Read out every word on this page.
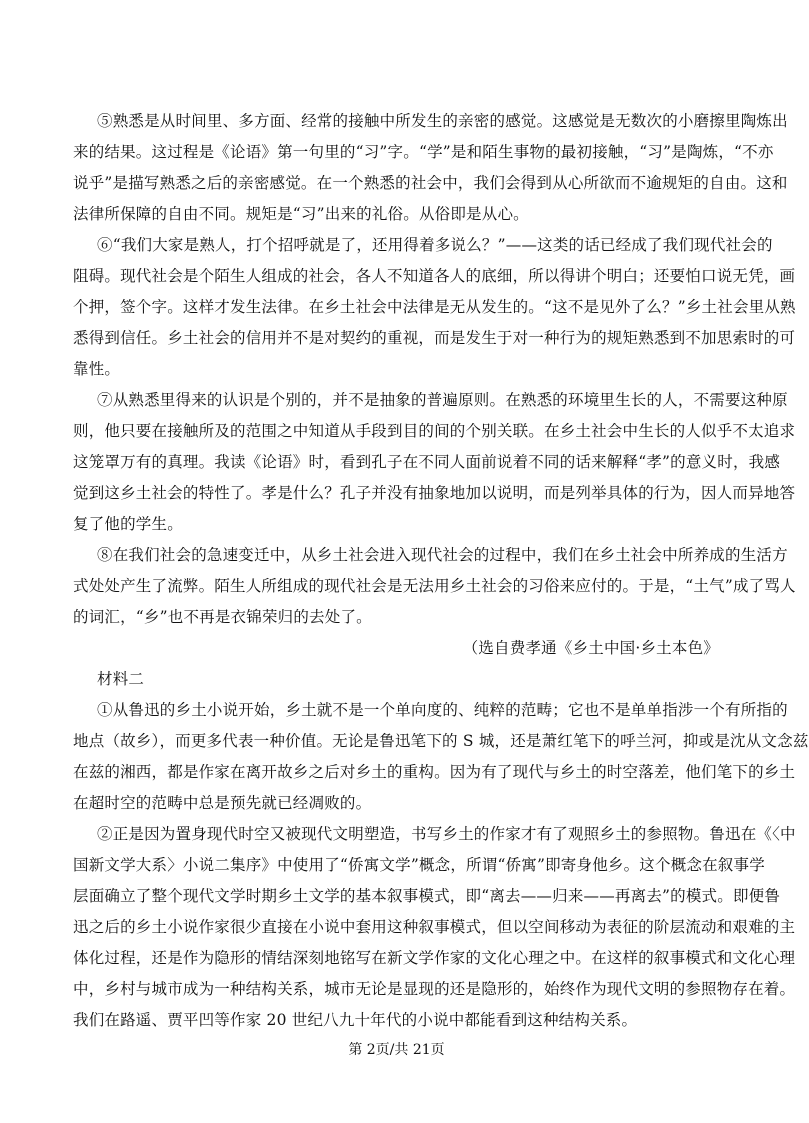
⑤熟悉是从时间里、多方面、经常的接触中所发生的亲密的感觉。这感觉是无数次的小磨擦里陶炼出
来的结果。这过程是《论语》第一句里的“习”字。“学”是和陌生事物的最初接触，“习”是陶炼，“不亦
说乎”是描写熟悉之后的亲密感觉。在一个熟悉的社会中，我们会得到从心所欲而不逾规矩的自由。这和
法律所保障的自由不同。规矩是“习”出来的礼俗。从俗即是从心。
⑥“我们大家是熟人，打个招呼就是了，还用得着多说么？”——这类的话已经成了我们现代社会的
阻碍。现代社会是个陌生人组成的社会，各人不知道各人的底细，所以得讲个明白；还要怕口说无凭，画
个押，签个字。这样才发生法律。在乡土社会中法律是无从发生的。“这不是见外了么？”乡土社会里从熟
悉得到信任。乡土社会的信用并不是对契约的重视，而是发生于对一种行为的规矩熟悉到不加思索时的可
靠性。
⑦从熟悉里得来的认识是个别的，并不是抽象的普遍原则。在熟悉的环境里生长的人，不需要这种原
则，他只要在接触所及的范围之中知道从手段到目的间的个别关联。在乡土社会中生长的人似乎不太追求
这笼罩万有的真理。我读《论语》时，看到孔子在不同人面前说着不同的话来解释“孝”的意义时，我感
觉到这乡土社会的特性了。孝是什么？孔子并没有抽象地加以说明，而是列举具体的行为，因人而异地答
复了他的学生。
⑧在我们社会的急速变迁中，从乡土社会进入现代社会的过程中，我们在乡土社会中所养成的生活方
式处处产生了流弊。陌生人所组成的现代社会是无法用乡土社会的习俗来应付的。于是，“土气”成了骂人
的词汇，“乡”也不再是衣锦荣归的去处了。
（选自费孝通《乡土中国·乡土本色》
材料二
①从鲁迅的乡土小说开始，乡土就不是一个单向度的、纯粹的范畴；它也不是单单指涉一个有所指的
地点（故乡），而更多代表一种价值。无论是鲁迅笔下的 S 城，还是萧红笔下的呼兰河，抑或是沈从文念兹
在兹的湘西，都是作家在离开故乡之后对乡土的重构。因为有了现代与乡土的时空落差，他们笔下的乡土
在超时空的范畴中总是预先就已经凋败的。
②正是因为置身现代时空又被现代文明塑造，书写乡土的作家才有了观照乡土的参照物。鲁迅在《〈中
国新文学大系〉小说二集序》中使用了“侨寓文学”概念，所谓“侨寓”即寄身他乡。这个概念在叙事学
层面确立了整个现代文学时期乡土文学的基本叙事模式，即“离去——归来——再离去”的模式。即便鲁
迅之后的乡土小说作家很少直接在小说中套用这种叙事模式，但以空间移动为表征的阶层流动和艰难的主
体化过程，还是作为隐形的情结深刻地铭写在新文学作家的文化心理之中。在这样的叙事模式和文化心理
中，乡村与城市成为一种结构关系，城市无论是显现的还是隐形的，始终作为现代文明的参照物存在着。
我们在路遥、贾平凹等作家 20 世纪八九十年代的小说中都能看到这种结构关系。
第 2页/共 21页
